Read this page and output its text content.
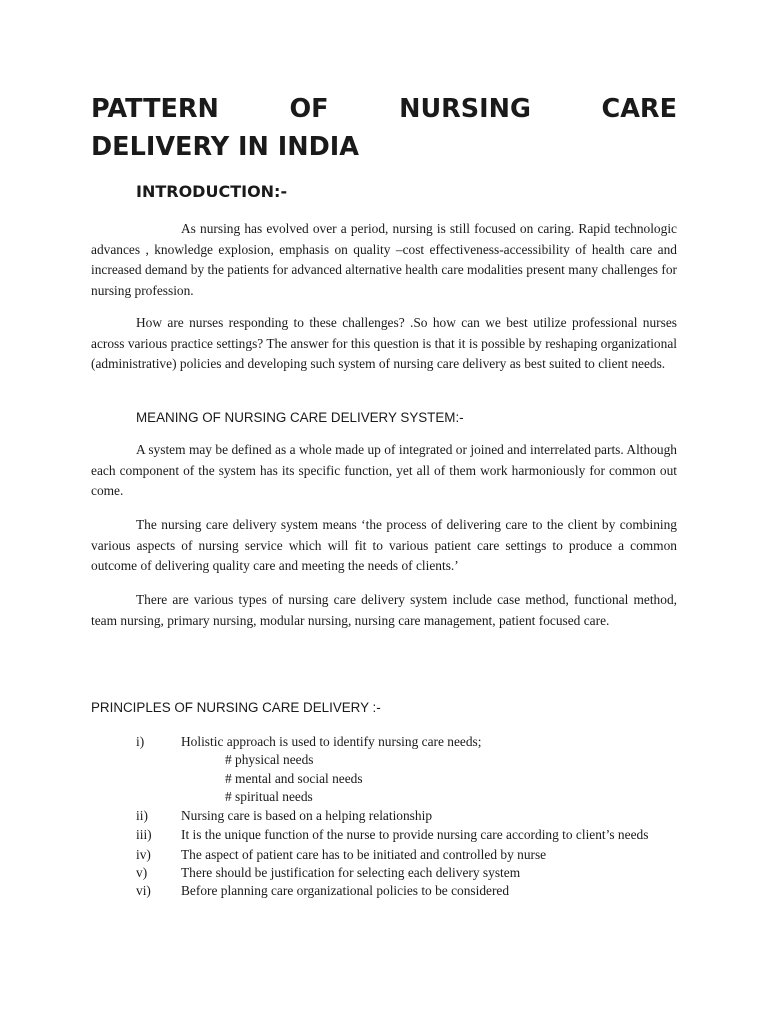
PATTERN	OF	NURSING	CARE
DELIVERY IN INDIA
INTRODUCTION:-

As nursing has evolved over a period, nursing is still focused on caring. Rapid technologic advances , knowledge explosion, emphasis on quality –cost effectiveness-accessibility of health care and increased demand by the patients for advanced alternative health care modalities present many challenges for nursing profession.

How are nurses responding to these challenges? .So how can we best utilize professional nurses across various practice settings? The answer for this question is that it is possible by reshaping organizational (administrative) policies and developing such system of nursing care delivery as best suited to client needs.

MEANING OF NURSING CARE DELIVERY SYSTEM:-

A system may be defined as a whole made up of integrated or joined and interrelated parts. Although each component of the system has its specific function, yet all of them work harmoniously for common out come.

The nursing care delivery system means ‘the process of delivering care to the client by combining various aspects of nursing service which will fit to various patient care settings to produce a common outcome of delivering quality care and meeting the needs of clients.’

There are various types of nursing care delivery system include case method, functional method, team nursing, primary nursing, modular nursing, nursing care management, patient focused care.

PRINCIPLES OF NURSING CARE DELIVERY :-

i)	Holistic approach is used to identify nursing care needs;
# physical needs
# mental and social needs
# spiritual needs
ii) Nursing care is based on a helping relationship
iii) It is the unique function of the nurse to provide nursing care according to client’s needs
iv) The aspect of patient care has to be initiated and controlled by nurse
v)	There should be justification for selecting each delivery system
vi) Before planning care organizational policies to be considered
